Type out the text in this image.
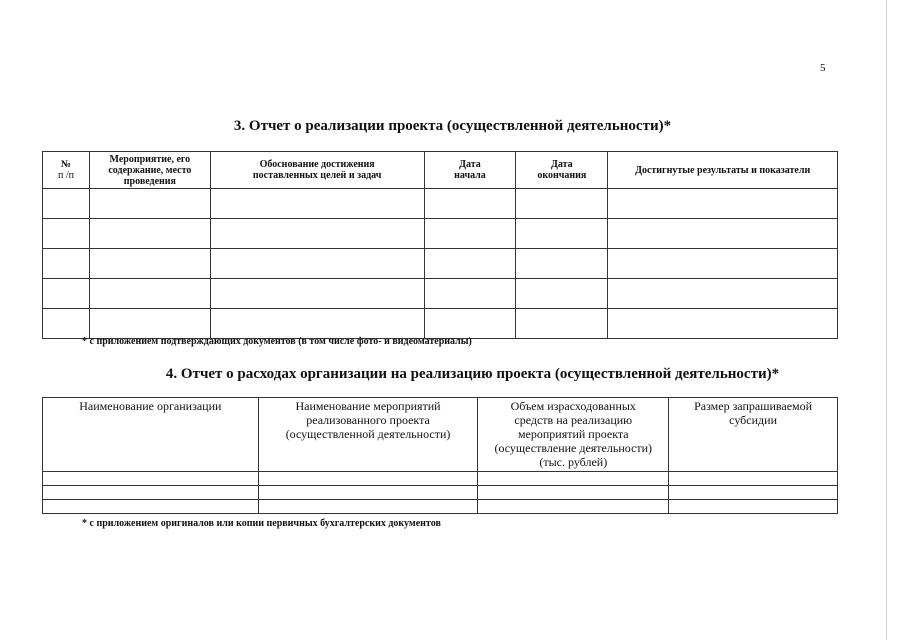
5
3. Отчет о реализации проекта (осуществленной деятельности)*
№
п /п	Мероприятие, его
содержание, место
проведения	Обоснование достижения
поставленных целей и задач	Дата
начала	Дата
окончания	Достигнутые результаты и показатели

* с приложением подтверждающих документов (в том числе фото- и видеоматериалы)
4. Отчет о расходах организации на реализацию проекта (осуществленной деятельности)*
Наименование организации	Наименование мероприятий
реализованного проекта
(осуществленной деятельности)	Объем израсходованных
средств на реализацию
мероприятий проекта
(осуществление деятельности)
(тыс. рублей)	Размер запрашиваемой
субсидии

* с приложением оригиналов или копии первичных бухгалтерских документов
